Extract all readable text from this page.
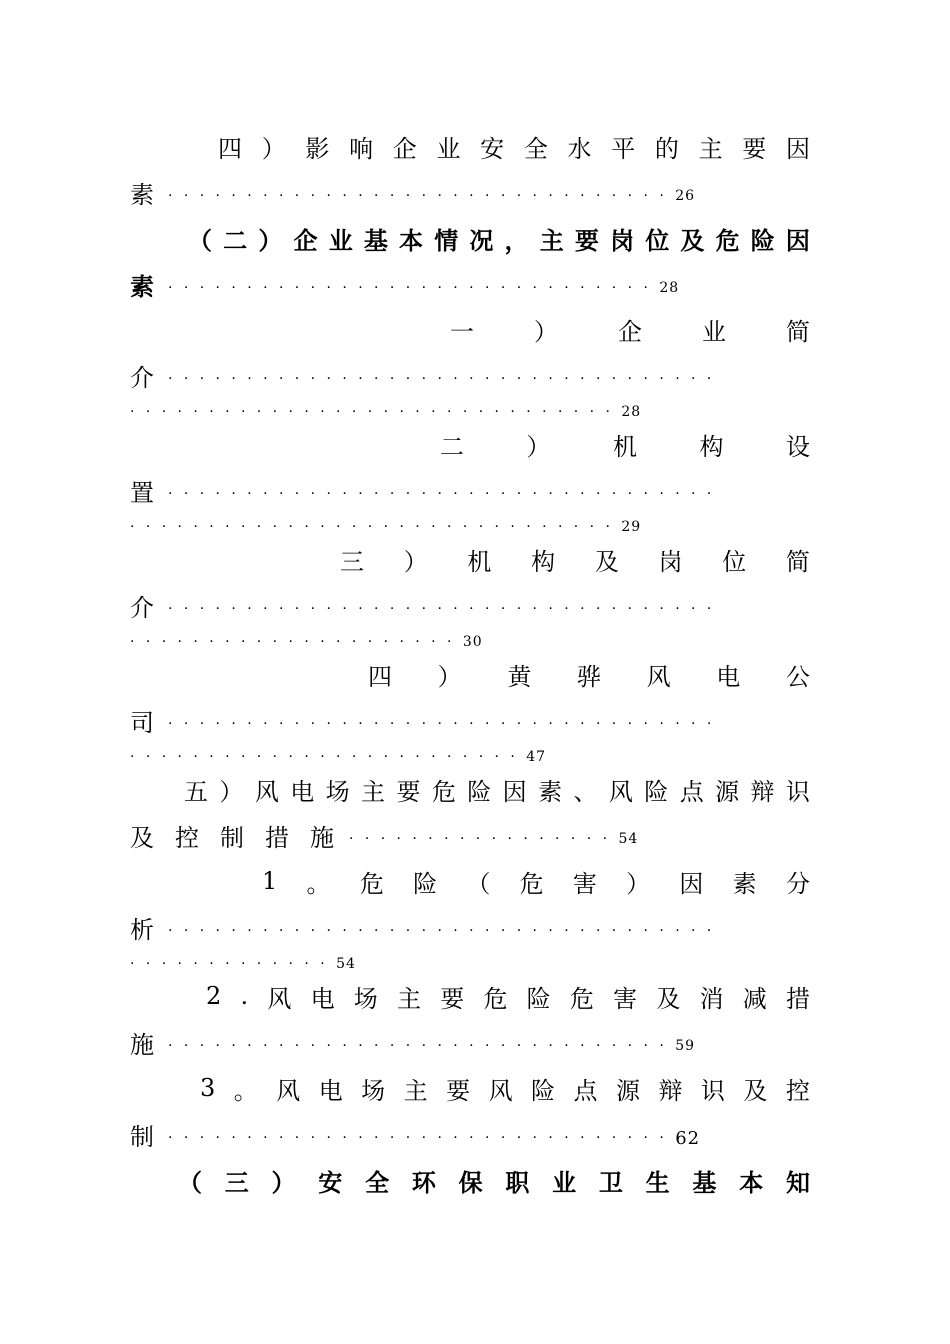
四 ） 影 响 企 业 安 全 水 平 的 主 要 因
素 ································ 26
（ 二 ） 企 业 基 本 情 况 ， 主 要 岗 位 及 危 险 因
素 ······························· 28
一	）	企	业	简
介 ···································
······························· 28
二	）	机	构	设
置 ···································
······························· 29
三 ） 机 构 及 岗 位 简
介 ···································
····················· 30
四 ） 黄 骅 风 电 公
司 ···································
························· 47
五 ） 风 电 场 主 要 危 险 因 素 、 风 险 点 源 辩 识
及控制措施
················· 54
1 。 危 险 （ 危 害 ） 因 素 分
析 ···································
············· 54
2 . 风 电 场 主 要 危 险 危 害 及 消 减 措
施 ································ 59
3 。 风 电 场 主 要 风 险 点 源 辩 识 及 控
制 ································ 62
（ 三 ） 安 全 环 保 职 业 卫 生 基 本 知
